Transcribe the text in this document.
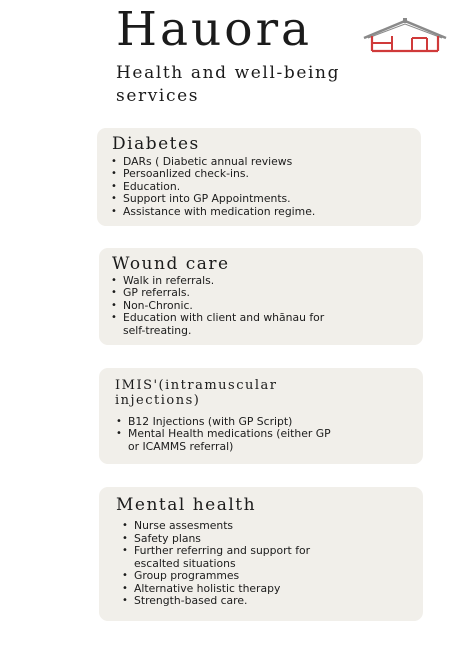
Hauora
Health and well-being services
Diabetes
• DARs ( Diabetic annual reviews
• Persoanlized check-ins.
• Education.
• Support into GP Appointments.
• Assistance with medication regime.
Wound care
• Walk in referrals.
• GP referrals.
• Non-Chronic.
• Education with client and whānau for self-treating.
IMIS'(intramuscular injections)
• B12 Injections (with GP Script)
• Mental Health medications (either GP or ICAMMS referral)
Mental health
• Nurse assesments
• Safety plans
• Further referring and support for escalted situations
• Group programmes
• Alternative holistic therapy
• Strength-based care.
